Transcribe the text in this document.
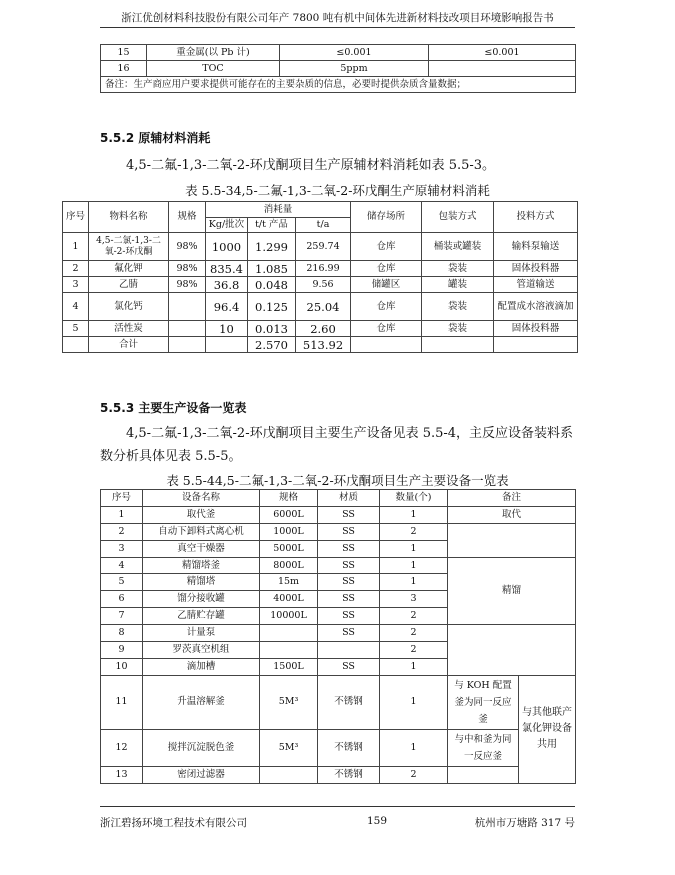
浙江优创材料科技股份有限公司年产 7800 吨有机中间体先进新材料技改项目环境影响报告书
15	重金属(以 Pb 计)	≤0.001	≤0.001
16	TOC	5ppm	
备注：生产商应用户要求提供可能存在的主要杂质的信息，必要时提供杂质含量数据；			
5.5.2 原辅材料消耗
4,5-二氟-1,3-二氧-2-环戊酮项目生产原辅材料消耗如表 5.5-3。
表 5.5-34,5-二氟-1,3-二氧-2-环戊酮生产原辅材料消耗
序号	物料名称	规格	消耗量			储存场所	包装方式	投料方式
			Kg/批次	t/t 产品	t/a			
1	4,5-二氯-1,3-二氧-2-环戊酮	98%	1000	1.299	259.74	仓库	桶装或罐装	输料泵输送
2	氟化钾	98%	835.4	1.085	216.99	仓库	袋装	固体投料器
3	乙腈	98%	36.8	0.048	9.56	储罐区	罐装	管道输送
4	氯化钙		96.4	0.125	25.04	仓库	袋装	配置成水溶液滴加
5	活性炭		10	0.013	2.60	仓库	袋装	固体投料器
	合计			2.570	513.92			
5.5.3 主要生产设备一览表
4,5-二氟-1,3-二氧-2-环戊酮项目主要生产设备见表 5.5-4，主反应设备装料系数分析具体见表 5.5-5。
表 5.5-44,5-二氟-1,3-二氧-2-环戊酮项目生产主要设备一览表
序号	设备名称	规格	材质	数量(个)	备注	
1	取代釜	6000L	SS	1	取代	
2	自动下卸料式离心机	1000L	SS	2		
3	真空干燥器	5000L	SS	1		
4	精馏塔釜	8000L	SS	1	精馏	
5	精馏塔	15m	SS	1		
6	馏分接收罐	4000L	SS	3		
7	乙腈贮存罐	10000L	SS	2		
8	计量泵		SS	2		
9	罗茨真空机组			2		
10	滴加槽	1500L	SS	1		
11	升温溶解釜	5M³	不锈钢	1	与 KOH 配置釜为同一反应釜	与其他联产氯化钾设备共用
12	搅拌沉淀脱色釜	5M³	不锈钢	1	与中和釜为同一反应釜	
13	密闭过滤器		不锈钢	2		
浙江碧扬环境工程技术有限公司	159	杭州市万塘路 317 号
